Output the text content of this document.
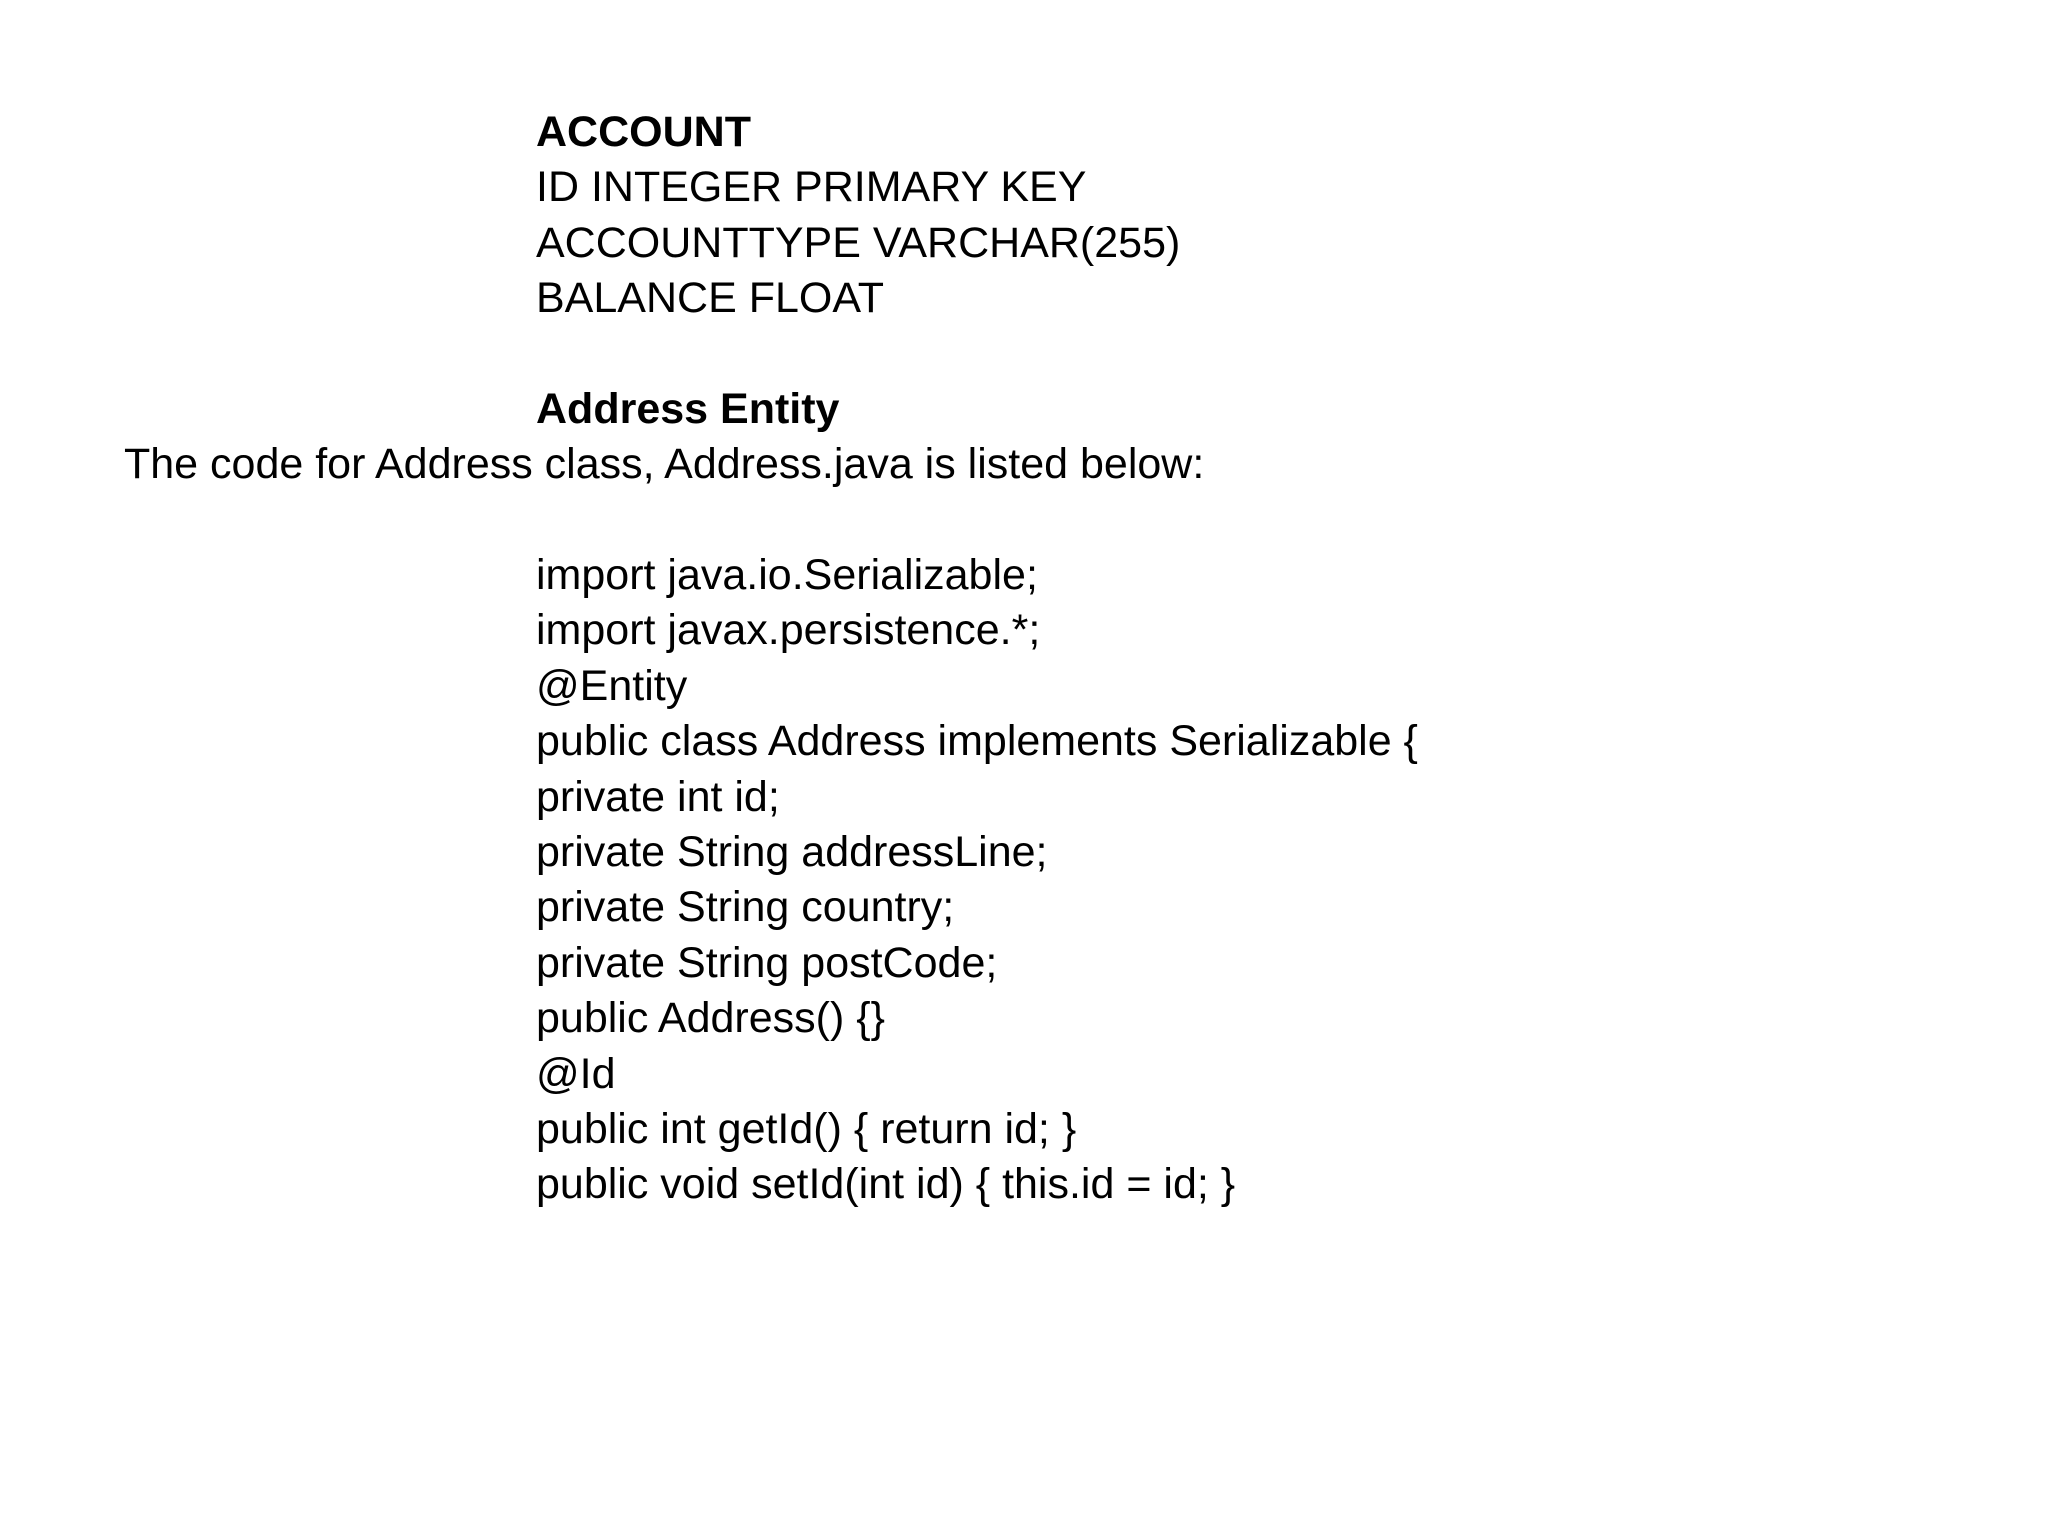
ACCOUNT
ID INTEGER PRIMARY KEY
ACCOUNTTYPE VARCHAR(255)
BALANCE FLOAT
Address Entity

The code for Address class, Address.java is listed below:

import java.io.Serializable;
import javax.persistence.*;
@Entity
public class Address implements Serializable {
private int id;
private String addressLine;
private String country;
private String postCode;
public Address() {}
@Id
public int getId() { return id; }
public void setId(int id) { this.id = id; }
